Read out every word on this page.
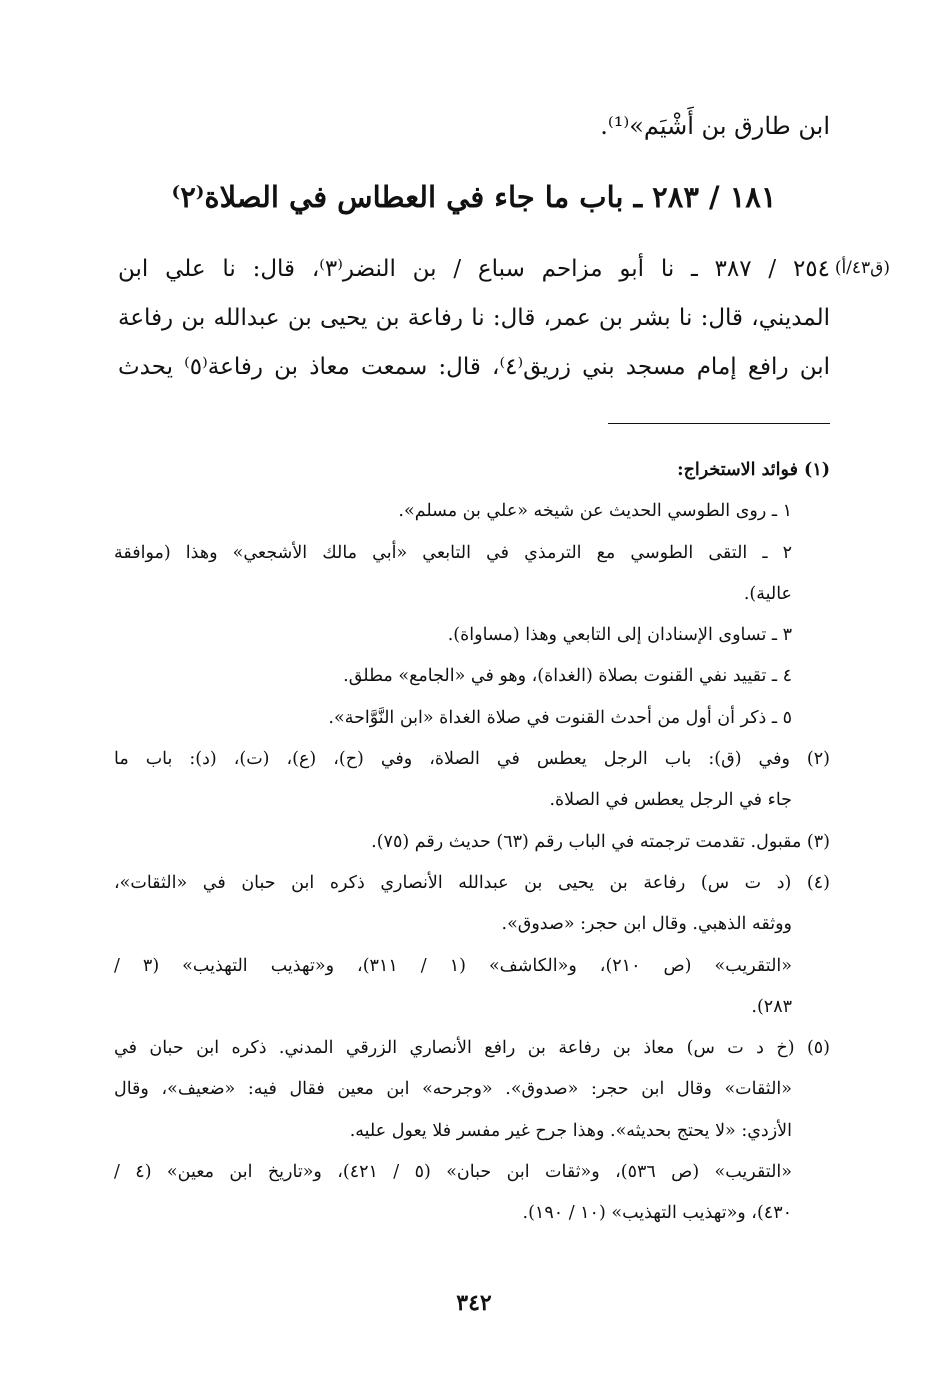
ابن طارق بن أَشْيَم»⁽¹⁾.
١٨١ / ٢٨٣ ـ باب ما جاء في العطاس في الصلاة⁽٢⁾
(ق٤٣/أ)

٢٥٤ / ٣٨٧ ـ نا أبو مزاحم سباع / بن النضر⁽٣⁾، قال: نا علي ابن

المديني، قال: نا بشر بن عمر، قال: نا رفاعة بن يحيى بن عبدالله بن رفاعة

ابن رافع إمام مسجد بني زريق⁽٤⁾، قال: سمعت معاذ بن رفاعة⁽٥⁾ يحدث

(١) فوائد الاستخراج:

١ ـ روى الطوسي الحديث عن شيخه «علي بن مسلم».

٢ ـ التقى الطوسي مع الترمذي في التابعي «أبي مالك الأشجعي» وهذا (موافقة

عالية).

٣ ـ تساوى الإسنادان إلى التابعي وهذا (مساواة).

٤ ـ تقييد نفي القنوت بصلاة (الغداة)، وهو في «الجامع» مطلق.

٥ ـ ذكر أن أول من أحدث القنوت في صلاة الغداة «ابن النَّوَّاحة».

(٢) وفي (ق): باب الرجل يعطس في الصلاة، وفي (ح)، (ع)، (ت)، (د): باب ما

جاء في الرجل يعطس في الصلاة.

(٣) مقبول. تقدمت ترجمته في الباب رقم (٦٣) حديث رقم (٧٥).

(٤) (د ت س) رفاعة بن يحيى بن عبدالله الأنصاري ذكره ابن حبان في «الثقات»،

ووثقه الذهبي. وقال ابن حجر: «صدوق».

«التقريب» (ص ٢١٠)، و«الكاشف» (١ / ٣١١)، و«تهذيب التهذيب» (٣ /

٢٨٣).

(٥) (خ د ت س) معاذ بن رفاعة بن رافع الأنصاري الزرقي المدني. ذكره ابن حبان في

«الثقات» وقال ابن حجر: «صدوق». «وجرحه» ابن معين فقال فيه: «ضعيف»، وقال

الأزدي: «لا يحتج بحديثه». وهذا جرح غير مفسر فلا يعول عليه.

«التقريب» (ص ٥٣٦)، و«ثقات ابن حبان» (٥ / ٤٢١)، و«تاريخ ابن معين» (٤ /

٤٣٠)، و«تهذيب التهذيب» (١٠ / ١٩٠).

٣٤٢
